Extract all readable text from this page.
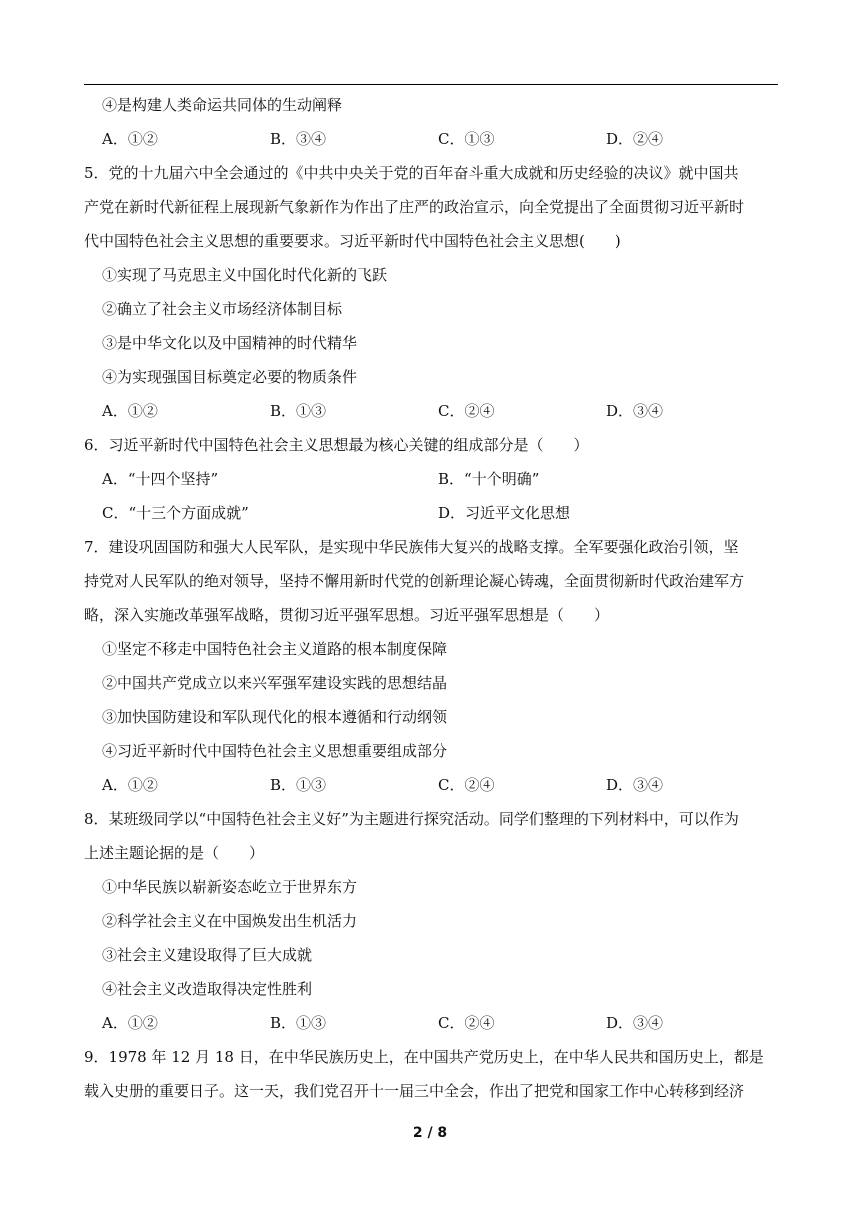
④是构建人类命运共同体的生动阐释
A．①②	B．③④	C．①③	D．②④
5．党的十九届六中全会通过的《中共中央关于党的百年奋斗重大成就和历史经验的决议》就中国共
产党在新时代新征程上展现新气象新作为作出了庄严的政治宣示，向全党提出了全面贯彻习近平新时
代中国特色社会主义思想的重要要求。习近平新时代中国特色社会主义思想(　　)
①实现了马克思主义中国化时代化新的飞跃
②确立了社会主义市场经济体制目标
③是中华文化以及中国精神的时代精华
④为实现强国目标奠定必要的物质条件
A．①②	B．①③	C．②④	D．③④
6．习近平新时代中国特色社会主义思想最为核心关键的组成部分是（　　）
A．“十四个坚持”	B．“十个明确”
C．“十三个方面成就”	D．习近平文化思想
7．建设巩固国防和强大人民军队，是实现中华民族伟大复兴的战略支撑。全军要强化政治引领，坚
持党对人民军队的绝对领导，坚持不懈用新时代党的创新理论凝心铸魂，全面贯彻新时代政治建军方
略，深入实施改革强军战略，贯彻习近平强军思想。习近平强军思想是（　　）
①坚定不移走中国特色社会主义道路的根本制度保障
②中国共产党成立以来兴军强军建设实践的思想结晶
③加快国防建设和军队现代化的根本遵循和行动纲领
④习近平新时代中国特色社会主义思想重要组成部分
A．①②	B．①③	C．②④	D．③④
8．某班级同学以“中国特色社会主义好”为主题进行探究活动。同学们整理的下列材料中，可以作为
上述主题论据的是（　　）
①中华民族以崭新姿态屹立于世界东方
②科学社会主义在中国焕发出生机活力
③社会主义建设取得了巨大成就
④社会主义改造取得决定性胜利
A．①②	B．①③	C．②④	D．③④
9．1978 年 12 月 18 日，在中华民族历史上，在中国共产党历史上，在中华人民共和国历史上，都是
载入史册的重要日子。这一天，我们党召开十一届三中全会，作出了把党和国家工作中心转移到经济
2 / 8
